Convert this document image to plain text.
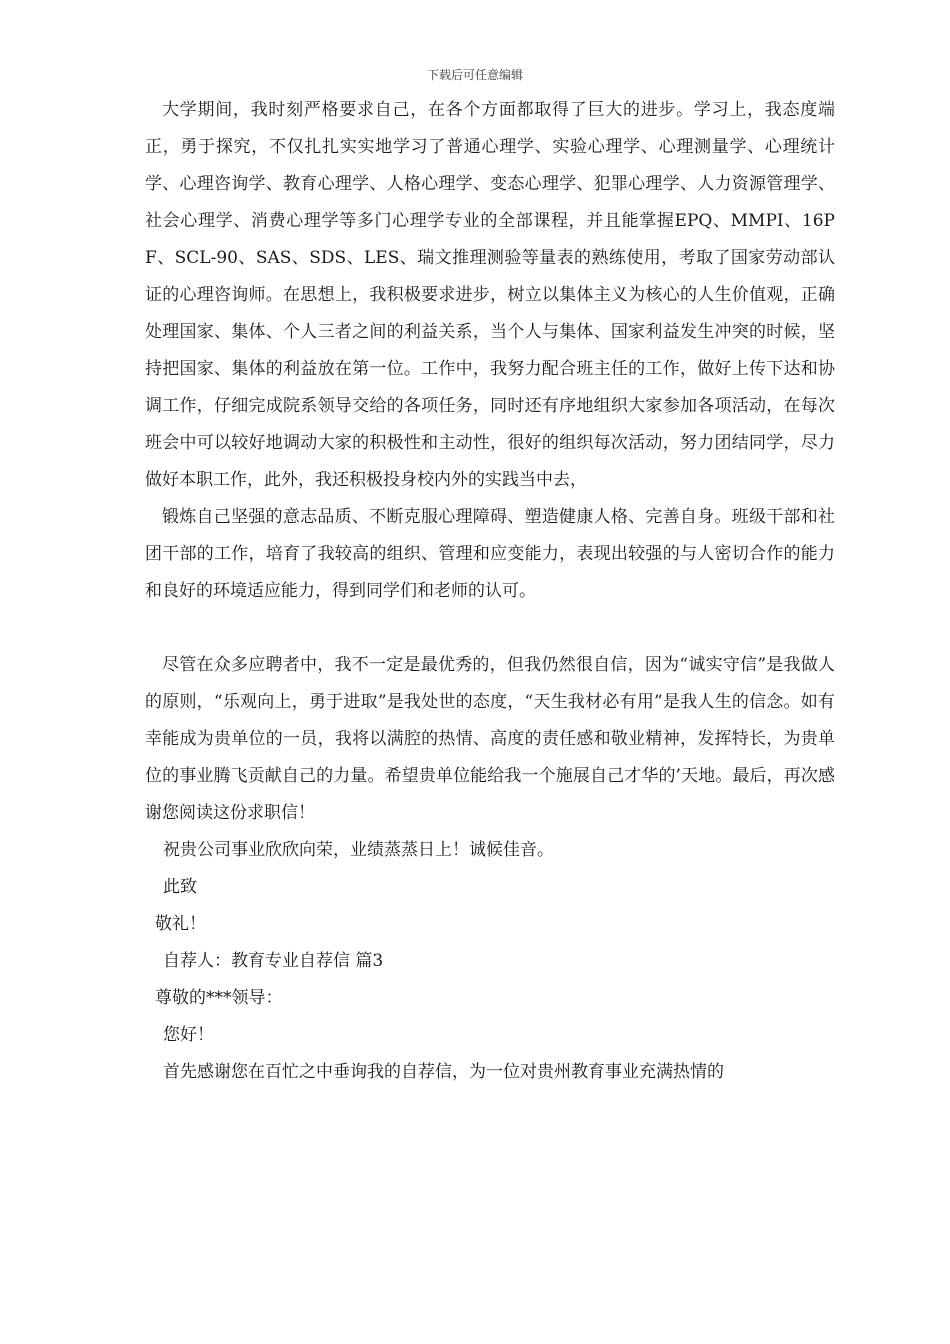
下载后可任意编辑

大学期间，我时刻严格要求自己，在各个方面都取得了巨大的进步。学习上，我态度端正，勇于探究，不仅扎扎实实地学习了普通心理学、实验心理学、心理测量学、心理统计学、心理咨询学、教育心理学、人格心理学、变态心理学、犯罪心理学、人力资源管理学、社会心理学、消费心理学等多门心理学专业的全部课程，并且能掌握EPQ、MMPI、16PF、SCL-90、SAS、SDS、LES、瑞文推理测验等量表的熟练使用，考取了国家劳动部认证的心理咨询师。在思想上，我积极要求进步，树立以集体主义为核心的人生价值观，正确处理国家、集体、个人三者之间的利益关系，当个人与集体、国家利益发生冲突的时候，坚持把国家、集体的利益放在第一位。工作中，我努力配合班主任的工作，做好上传下达和协调工作，仔细完成院系领导交给的各项任务，同时还有序地组织大家参加各项活动，在每次班会中可以较好地调动大家的积极性和主动性，很好的组织每次活动，努力团结同学，尽力做好本职工作，此外，我还积极投身校内外的实践当中去，

锻炼自己坚强的意志品质、不断克服心理障碍、塑造健康人格、完善自身。班级干部和社团干部的工作，培育了我较高的组织、管理和应变能力，表现出较强的与人密切合作的能力和良好的环境适应能力，得到同学们和老师的认可。

尽管在众多应聘者中，我不一定是最优秀的，但我仍然很自信，因为“诚实守信”是我做人的原则，“乐观向上，勇于进取”是我处世的态度，“天生我材必有用”是我人生的信念。如有幸能成为贵单位的一员，我将以满腔的热情、高度的责任感和敬业精神，发挥特长，为贵单位的事业腾飞贡献自己的力量。希望贵单位能给我一个施展自己才华的’天地。最后，再次感谢您阅读这份求职信！

祝贵公司事业欣欣向荣，业绩蒸蒸日上！诚候佳音。

此致

敬礼！

自荐人：教育专业自荐信 篇3

尊敬的***领导：

您好！

首先感谢您在百忙之中垂询我的自荐信，为一位对贵州教育事业充满热情的
